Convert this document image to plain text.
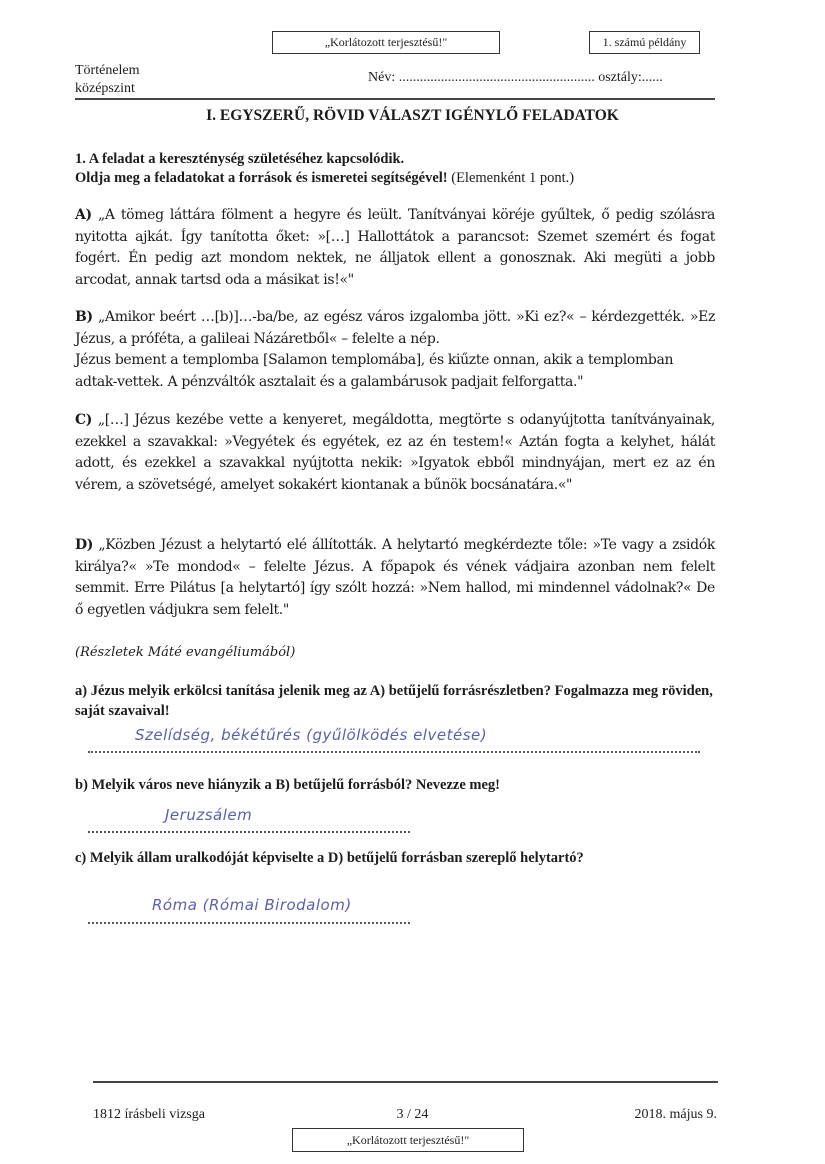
„Korlátozott terjesztésű!"	1. számú példány
Történelem
középszint
Név: ........................................................ osztály:......
I. EGYSZERŰ, RÖVID VÁLASZT IGÉNYLŐ FELADATOK
1. A feladat a kereszténység születéséhez kapcsolódik.
Oldja meg a feladatokat a források és ismeretei segítségével! (Elemenként 1 pont.)
A) „A tömeg láttára fölment a hegyre és leült. Tanítványai köréje gyűltek, ő pedig szólásra nyitotta ajkát. Így tanította őket: »[…] Hallottátok a parancsot: Szemet szemért és fogat fogért. Én pedig azt mondom nektek, ne álljatok ellent a gonosznak. Aki megüti a jobb arcodat, annak tartsd oda a másikat is!«"
B) „Amikor beért …[b)]…-ba/be, az egész város izgalomba jött. »Ki ez?« – kérdezgették. »Ez Jézus, a próféta, a galileai Názáretből« – felelte a nép.
Jézus bement a templomba [Salamon templomába], és kiűzte onnan, akik a templomban adtak-vettek. A pénzváltók asztalait és a galambárusok padjait felforgatta."
C) „[…] Jézus kezébe vette a kenyeret, megáldotta, megtörte s odanyújtotta tanítványainak, ezekkel a szavakkal: »Vegyétek és egyétek, ez az én testem!« Aztán fogta a kelyhet, hálát adott, és ezekkel a szavakkal nyújtotta nekik: »Igyatok ebből mindnyájan, mert ez az én vérem, a szövetségé, amelyet sokakért kiontanak a bűnök bocsánatára.«"
D) „Közben Jézust a helytartó elé állították. A helytartó megkérdezte tőle: »Te vagy a zsidók királya?« »Te mondod« – felelte Jézus. A főpapok és vének vádjaira azonban nem felelt semmit. Erre Pilátus [a helytartó] így szólt hozzá: »Nem hallod, mi mindennel vádolnak?« De ő egyetlen vádjukra sem felelt."
(Részletek Máté evangéliumából)
a) Jézus melyik erkölcsi tanítása jelenik meg az A) betűjelű forrásrészletben? Fogalmazza meg röviden, saját szavaival!
Szelídség, békétűrés (gyűlölködés elvetése)
b) Melyik város neve hiányzik a B) betűjelű forrásból? Nevezze meg!
Jeruzsálem
c) Melyik állam uralkodóját képviselte a D) betűjelű forrásban szereplő helytartó?
Róma (Római Birodalom)
1812 írásbeli vizsga	3 / 24	2018. május 9.
„Korlátozott terjesztésű!"
